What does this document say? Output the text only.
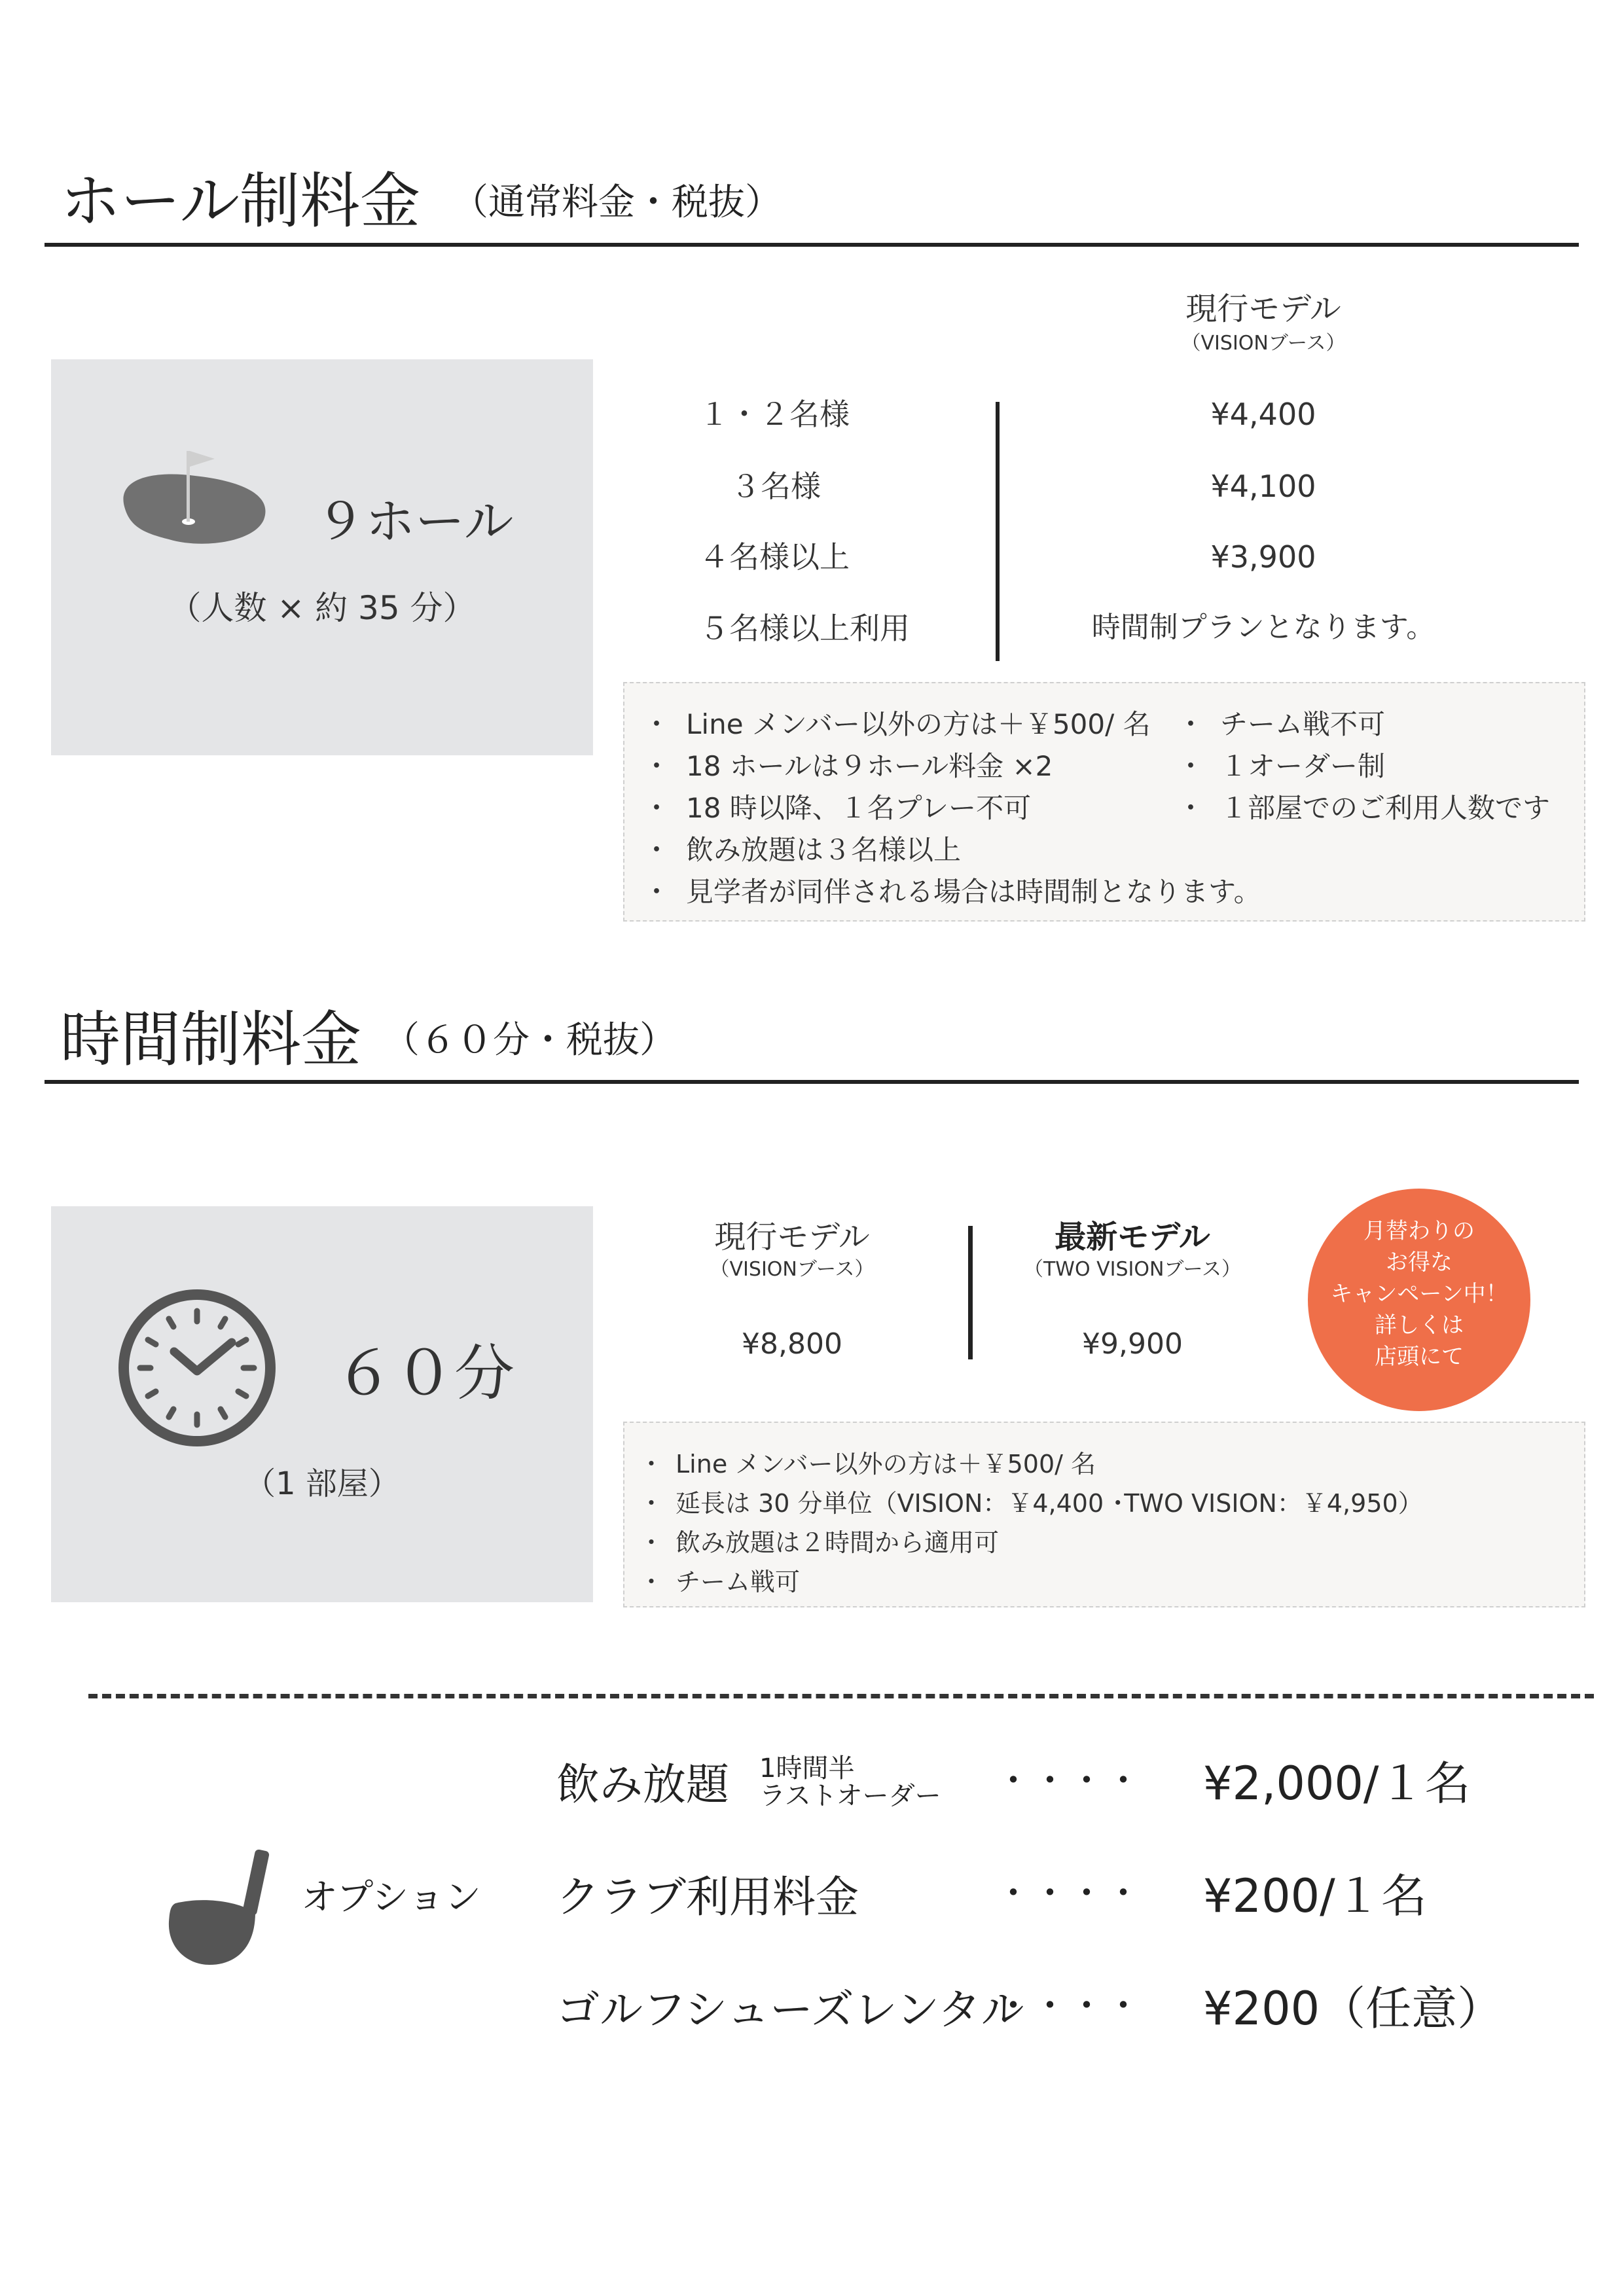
ホール制料金 （通常料金・税抜）
９ホール
（人数 × 約 35 分）
現行モデル
（VISIONブース）
１・２名様
３名様
４名様以上
５名様以上利用
¥4,400
¥4,100
¥3,900
時間制プランとなります。
・ Line メンバー以外の方は＋￥500/ 名
・ 18 ホールは９ホール料金 ×2
・ 18 時以降、１名プレー不可
・ 飲み放題は３名様以上
・ 見学者が同伴される場合は時間制となります。
・ チーム戦不可
・ １オーダー制
・ １部屋でのご利用人数です
時間制料金 （６０分・税抜）
６０分
（1 部屋）
現行モデル
（VISIONブース）
¥8,800
最新モデル
（TWO VISIONブース）
¥9,900
月替わりの
お得な
キャンペーン中！
詳しくは
店頭にて
・ Line メンバー以外の方は＋￥500/ 名
・ 延長は 30 分単位（VISION：￥4,400 ･TWO VISION：￥4,950）
・ 飲み放題は２時間から適用可
・ チーム戦可
オプション
飲み放題 1時間半
ラストオーダー ・・・・ ¥2,000/１名
クラブ利用料金	・・・・ ¥200/１名
ゴルフシューズレンタル
・・・・ ¥200（任意）
